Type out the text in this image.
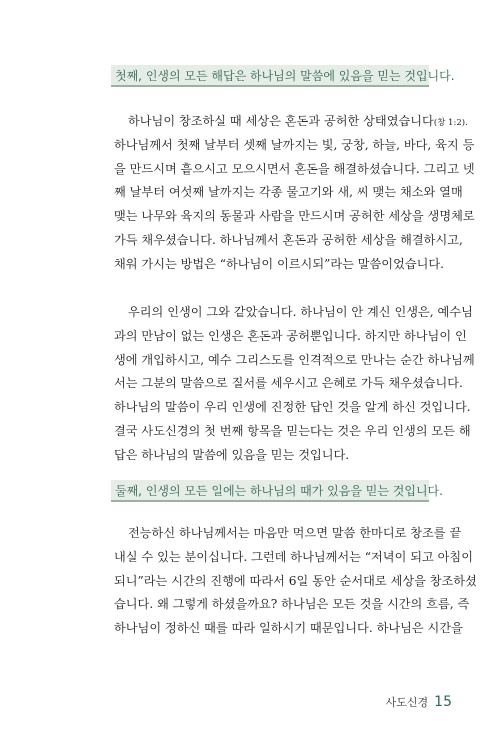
첫째, 인생의 모든 해답은 하나님의 말씀에 있음을 믿는 것입니다.
하나님이 창조하실 때 세상은 혼돈과 공허한 상태였습니다(창 1:2).
하나님께서 첫째 날부터 셋째 날까지는 빛, 궁창, 하늘, 바다, 육지 등
을 만드시며 흩으시고 모으시면서 혼돈을 해결하셨습니다. 그리고 넷
째 날부터 여섯째 날까지는 각종 물고기와 새, 씨 맺는 채소와 열매
맺는 나무와 육지의 동물과 사람을 만드시며 공허한 세상을 생명체로
가득 채우셨습니다. 하나님께서 혼돈과 공허한 세상을 해결하시고,
채워 가시는 방법은 “하나님이 이르시되”라는 말씀이었습니다.
우리의 인생이 그와 같았습니다. 하나님이 안 계신 인생은, 예수님
과의 만남이 없는 인생은 혼돈과 공허뿐입니다. 하지만 하나님이 인
생에 개입하시고, 예수 그리스도를 인격적으로 만나는 순간 하나님께
서는 그분의 말씀으로 질서를 세우시고 은혜로 가득 채우셨습니다.
하나님의 말씀이 우리 인생에 진정한 답인 것을 알게 하신 것입니다.
결국 사도신경의 첫 번째 항목을 믿는다는 것은 우리 인생의 모든 해
답은 하나님의 말씀에 있음을 믿는 것입니다.
둘째, 인생의 모든 일에는 하나님의 때가 있음을 믿는 것입니다.
전능하신 하나님께서는 마음만 먹으면 말씀 한마디로 창조를 끝
내실 수 있는 분이십니다. 그런데 하나님께서는 “저녁이 되고 아침이
되니”라는 시간의 진행에 따라서 6일 동안 순서대로 세상을 창조하셨
습니다. 왜 그렇게 하셨을까요? 하나님은 모든 것을 시간의 흐름, 즉
하나님이 정하신 때를 따라 일하시기 때문입니다. 하나님은 시간을
사도신경 15
